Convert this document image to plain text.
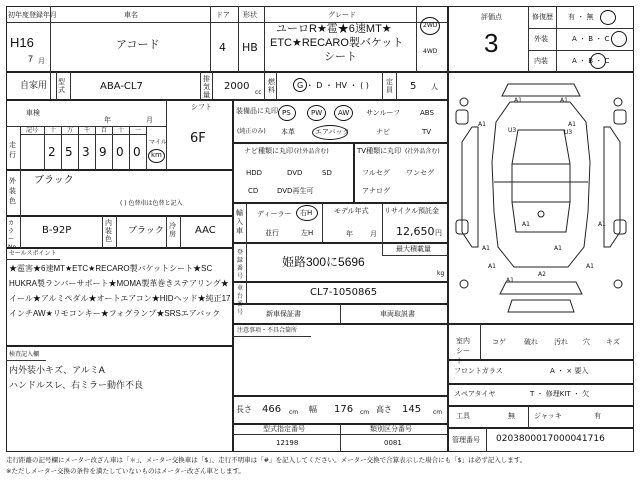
初年度登録年月
H16
7 月
車名
アコード
ドア
4
形状
HB
グレード
ユーロR★雹★6速MT★
ETC★RECARO製バケット
シート
2WD
4WD
自家用 型式	ABA-CL7
排気量
2000
cc
燃料	G ・ D ・ HV ・ ( ) 定員 5 人
車検
年	月
シフト
6F
走行
記号 十 万 千 百 十 一
2 5 3 9 0 0
マイル
km
外装色
ブラック
( ) 色替車は色替と記入
カラー No.
B-92P
内装色
ブラック 冷房 AAC
セールスポイント
★雹害★6速MT★ETC★RECARO製バケットシート★SC
HUKRA製ランバーサポート★MOMA製革巻きステアリング★
イール★アルミペダル★オートエアコン★HIDヘッド★純正17
インチAW★リモコンキー★フォグランプ★SRSエアバック
検査記入欄
内外装小キズ、アルミA
ハンドルスレ、右ミラー動作不良
装備品に丸印
(純正のみ)
PS	PW AW サンルーフ	ABS
本革	エアバック	ナビ	TV
ナビ種類に丸印 (社外品含む)
HDD	DVD	SD
CD	DVD再生可
TV種類に丸印 (社外品含む)
フルセグ ワンセグ
アナログ
輸入車
ディーラー 右H
並行	左H
モデル年式
年 月
リサイクル預託金
12,650 円
登録番号
最大積載量
kg
姫路300に5696
車台番号
CL7-1050865
新車保証書	車両取説書
注意事項・不具合箇所
長さ 466 cm 幅 176 cm 高さ 145 cm
型式指定番号
12198
類別区分番号
0081
評価点
3
修復歴 有 ・ 無
外装	A ・ B ・ C
内装	A ・ B ・ C
A1	A1
A1
U3
A1
U3
A1	A1
A1	A1
A1	A1
A2
A1
室内シート
コゲ	破れ 汚れ 穴 キズ
フロントガラス	A ・ × 要入
スペアタイヤ	T ・ 修理KIT ・ 欠
工具	無	ジャッキ	有
管理番号 0203800017000041716
走行距離の記号欄にメーター改ざん車は「＊」、メーター交換車は「$」、走行不明車は「#」を記入してください。メーター交換で合算表示した場合にも「$」は必ず記入します。
※ただしメーター交換の条件を満たしていないものはメーター改ざん車とします。
